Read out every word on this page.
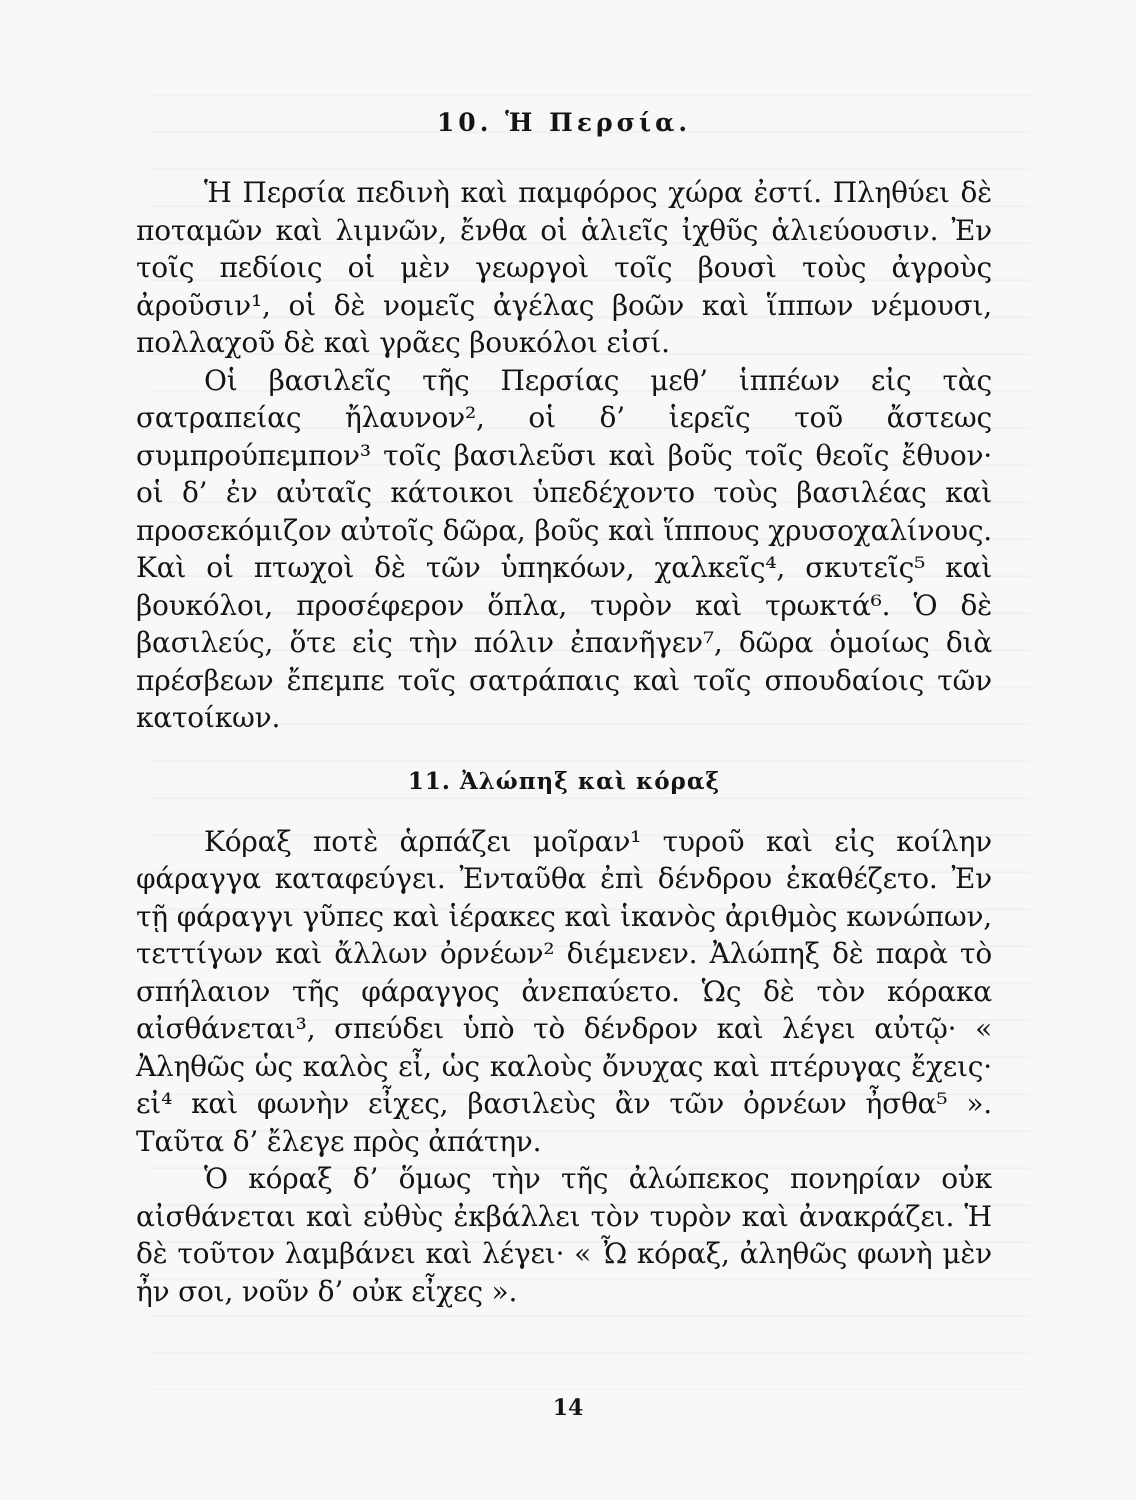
10. Ἡ Περσία.

Ἡ Περσία πεδινὴ καὶ παμφόρος χώρα ἐστί. Πληθύει δὲ ποταμῶν καὶ λιμνῶν, ἔνθα οἱ ἁλιεῖς ἰχθῦς ἁλιεύουσιν. Ἐν τοῖς πεδίοις οἱ μὲν γεωργοὶ τοῖς βουσὶ τοὺς ἀγροὺς ἀροῦσιν¹, οἱ δὲ νομεῖς ἀγέλας βοῶν καὶ ἵππων νέμουσι, πολλαχοῦ δὲ καὶ γρᾶες βουκόλοι εἰσί.

Οἱ βασιλεῖς τῆς Περσίας μεθ’ ἱππέων εἰς τὰς σατραπείας ἤλαυνον², οἱ δ’ ἱερεῖς τοῦ ἄστεως συμπρούπεμπον³ τοῖς βασιλεῦσι καὶ βοῦς τοῖς θεοῖς ἔθυον· οἱ δ’ ἐν αὐταῖς κάτοικοι ὑπεδέχοντο τοὺς βασιλέας καὶ προσεκόμιζον αὐτοῖς δῶρα, βοῦς καὶ ἵππους χρυσοχαλίνους. Καὶ οἱ πτωχοὶ δὲ τῶν ὑπηκόων, χαλκεῖς⁴, σκυτεῖς⁵ καὶ βουκόλοι, προσέφερον ὅπλα, τυρὸν καὶ τρωκτά⁶. Ὁ δὲ βασιλεύς, ὅτε εἰς τὴν πόλιν ἐπανῆγεν⁷, δῶρα ὁμοίως διὰ πρέσβεων ἔπεμπε τοῖς σατράπαις καὶ τοῖς σπουδαίοις τῶν κατοίκων.

11. Ἀλώπηξ καὶ κόραξ

Κόραξ ποτὲ ἁρπάζει μοῖραν¹ τυροῦ καὶ εἰς κοίλην φάραγγα καταφεύγει. Ἐνταῦθα ἐπὶ δένδρου ἐκαθέζετο. Ἐν τῇ φάραγγι γῦπες καὶ ἱέρακες καὶ ἱκανὸς ἀριθμὸς κωνώπων, τεττίγων καὶ ἄλλων ὀρνέων² διέμενεν. Ἀλώπηξ δὲ παρὰ τὸ σπήλαιον τῆς φάραγγος ἀνεπαύετο. Ὡς δὲ τὸν κόρακα αἰσθάνεται³, σπεύδει ὑπὸ τὸ δένδρον καὶ λέγει αὐτῷ· « Ἀληθῶς ὡς καλὸς εἶ, ὡς καλοὺς ὄνυχας καὶ πτέρυγας ἔχεις· εἰ⁴ καὶ φωνὴν εἶχες, βασιλεὺς ἂν τῶν ὀρνέων ἦσθα⁵ ». Ταῦτα δ’ ἔλεγε πρὸς ἀπάτην.

Ὁ κόραξ δ’ ὅμως τὴν τῆς ἀλώπεκος πονηρίαν οὐκ αἰσθάνεται καὶ εὐθὺς ἐκβάλλει τὸν τυρὸν καὶ ἀνακράζει. Ἡ δὲ τοῦτον λαμβάνει καὶ λέγει· « Ὦ κόραξ, ἀληθῶς φωνὴ μὲν ἦν σοι, νοῦν δ’ οὐκ εἶχες ».

14
